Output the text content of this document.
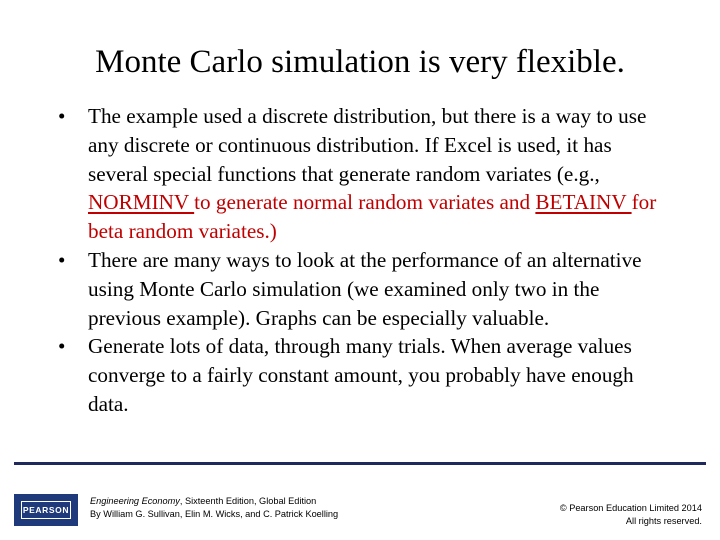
Monte Carlo simulation is very flexible.
• The example used a discrete distribution, but there is a way to use any discrete or continuous distribution. If Excel is used, it has several special functions that generate random variates (e.g., NORMINV to generate normal random variates and BETAINV for beta random variates.)
• There are many ways to look at the performance of an alternative using Monte Carlo simulation (we examined only two in the previous example). Graphs can be especially valuable.
• Generate lots of data, through many trials. When average values converge to a fairly constant amount, you probably have enough data.
PEARSON
Engineering Economy, Sixteenth Edition, Global Edition
By William G. Sullivan, Elin M. Wicks, and C. Patrick Koelling
© Pearson Education Limited 2014
All rights reserved.
